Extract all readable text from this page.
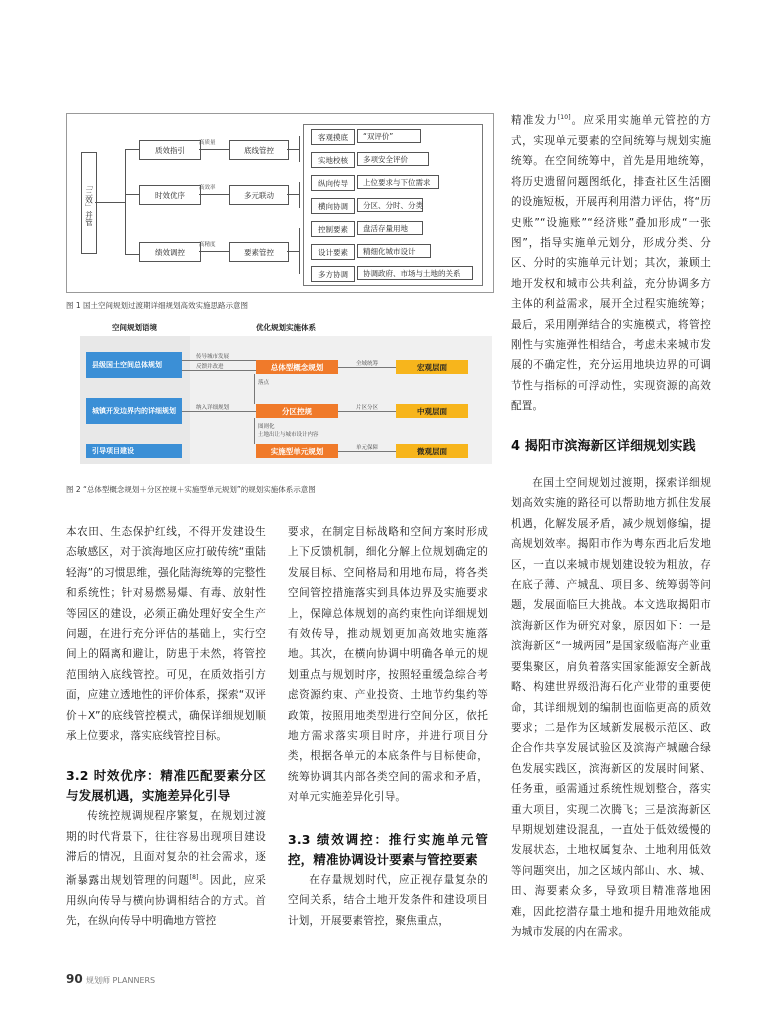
「三效」并管
质效指引
时效优序
绩效调控
高质量
高效率
高精度
底线管控
多元联动
要素管控
客观摸底 “双评价”
实地校核 多项安全评价
纵向传导 上位要求与下位需求
横向协调 分区、分时、分类
控制要素 盘活存量用地
设计要素 精细化城市设计
多方协调 协调政府、市场与土地的关系
图 1 国土空间规划过渡期详细规划高效实施思路示意图
空间规划语境	优化规划实施体系
县级国土空间总体规划
城镇开发边界内的详细规划
引导项目建设
总体型概念规划
分区控规
实施型单元规划
宏观层面
中观层面
微观层面
传导城市发展
反馈并改进
纳入详细规划
全域统筹
片区分区
单元保障
落点
图则化
土地出让与城市设计内容
图 2 “总体型概念规划＋分区控规＋实施型单元规划”的规划实施体系示意图

精准发力[10]。应采用实施单元管控的方式，实现单元要素的空间统筹与规划实施统筹。在空间统筹中，首先是用地统筹，将历史遗留问题图纸化，排查社区生活圈的设施短板，开展再利用潜力评估，将“历史账”“设施账”“经济账”叠加形成“一张图”，指导实施单元划分，形成分类、分区、分时的实施单元计划；其次，兼顾土地开发权和城市公共利益，充分协调多方主体的利益需求，展开全过程实施统筹；最后，采用刚弹结合的实施模式，将管控刚性与实施弹性相结合，考虑未来城市发展的不确定性，充分运用地块边界的可调节性与指标的可浮动性，实现资源的高效配置。

4 揭阳市滨海新区详细规划实践

在国土空间规划过渡期，探索详细规划高效实施的路径可以帮助地方抓住发展机遇，化解发展矛盾，减少规划修编，提高规划效率。揭阳市作为粤东西北后发地区，一直以来城市规划建设较为粗放，存在底子薄、产城乱、项目多、统筹弱等问题，发展面临巨大挑战。本文选取揭阳市滨海新区作为研究对象，原因如下：一是滨海新区“一城两园”是国家级临海产业重要集聚区，肩负着落实国家能源安全新战略、构建世界级沿海石化产业带的重要使命，其详细规划的编制也面临更高的质效要求；二是作为区域新发展极示范区、政企合作共享发展试验区及滨海产城融合绿色发展实践区，滨海新区的发展时间紧、任务重，亟需通过系统性规划整合，落实重大项目，实现二次腾飞；三是滨海新区早期规划建设混乱，一直处于低效缓慢的发展状态，土地权属复杂、土地利用低效等问题突出，加之区域内部山、水、城、田、海要素众多，导致项目精准落地困难，因此挖潜存量土地和提升用地效能成为城市发展的内在需求。

本农田、生态保护红线，不得开发建设生态敏感区，对于滨海地区应打破传统“重陆轻海”的习惯思维，强化陆海统筹的完整性和系统性；针对易燃易爆、有毒、放射性等园区的建设，必须正确处理好安全生产问题，在进行充分评估的基础上，实行空间上的隔离和避让，防患于未然，将管控范围纳入底线管控。可见，在质效指引方面，应建立透地性的评价体系，探索“双评价＋X”的底线管控模式，确保详细规划顺承上位要求，落实底线管控目标。

3.2 时效优序：精准匹配要素分区与发展机遇，实施差异化引导

传统控规调规程序繁复，在规划过渡期的时代背景下，往往容易出现项目建设滞后的情况，且面对复杂的社会需求，逐渐暴露出规划管理的问题[8]。因此，应采用纵向传导与横向协调相结合的方式。首先，在纵向传导中明确地方管控

要求，在制定目标战略和空间方案时形成上下反馈机制，细化分解上位规划确定的发展目标、空间格局和用地布局，将各类空间管控措施落实到具体边界及实施要求上，保障总体规划的高约束性向详细规划有效传导，推动规划更加高效地实施落地。其次，在横向协调中明确各单元的规划重点与规划时序，按照轻重缓急综合考虑资源约束、产业投资、土地节约集约等政策，按照用地类型进行空间分区，依托地方需求落实项目时序，并进行项目分类，根据各单元的本底条件与目标使命，统筹协调其内部各类空间的需求和矛盾，对单元实施差异化引导。

3.3 绩效调控：推行实施单元管控，精准协调设计要素与管控要素

在存量规划时代，应正视存量复杂的空间关系，结合土地开发条件和建设项目计划，开展要素管控，聚焦重点，

90 规划师 PLANNERS
